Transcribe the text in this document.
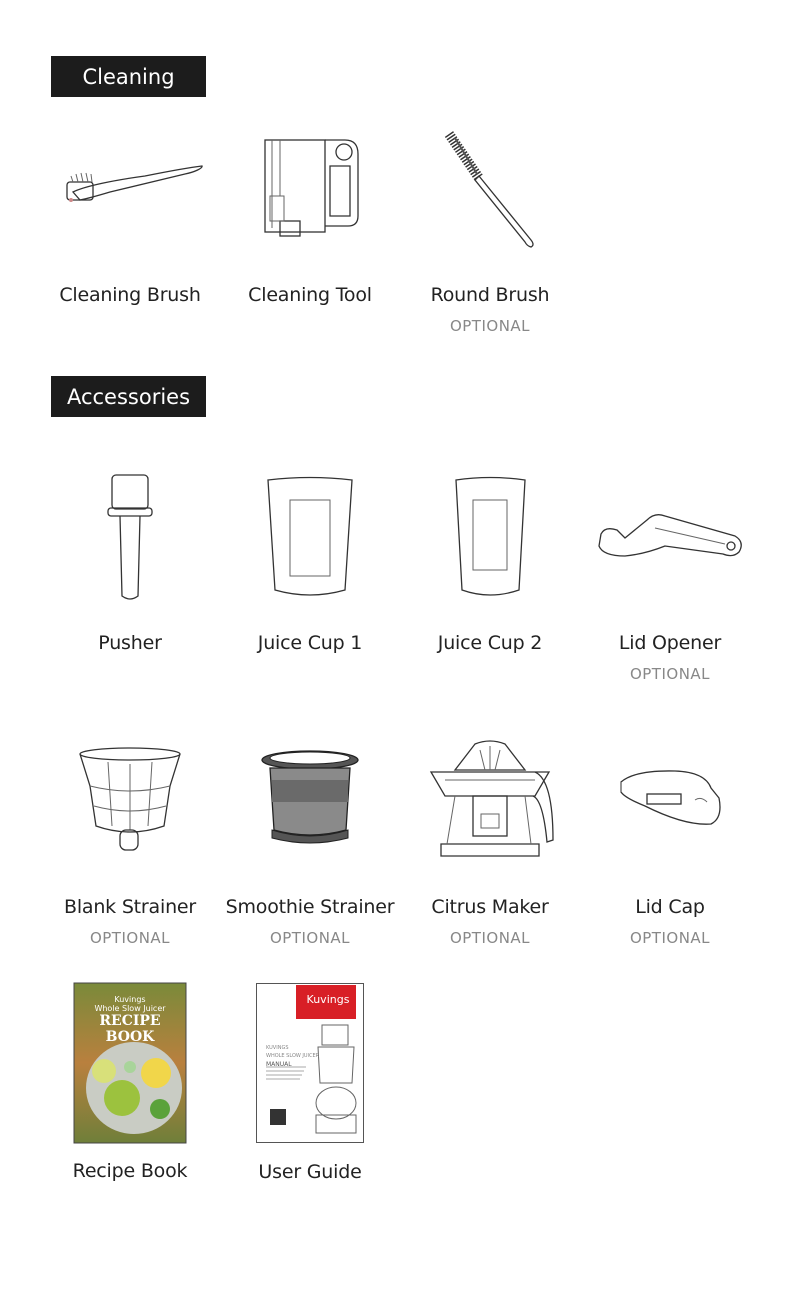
Cleaning
Cleaning Brush	Cleaning Tool	Round Brush
OPTIONAL
Accessories
Pusher	Juice Cup 1	Juice Cup 2	Lid Opener
OPTIONAL
Blank Strainer
OPTIONAL
Smoothie Strainer
OPTIONAL
Citrus Maker
OPTIONAL
Lid Cap
OPTIONAL
Kuvings
Whole Slow Juicer
RECIPE BOOK
Recipe Book
Kuvings
KUVINGS
WHOLE SLOW JUICER
MANUAL
User Guide
